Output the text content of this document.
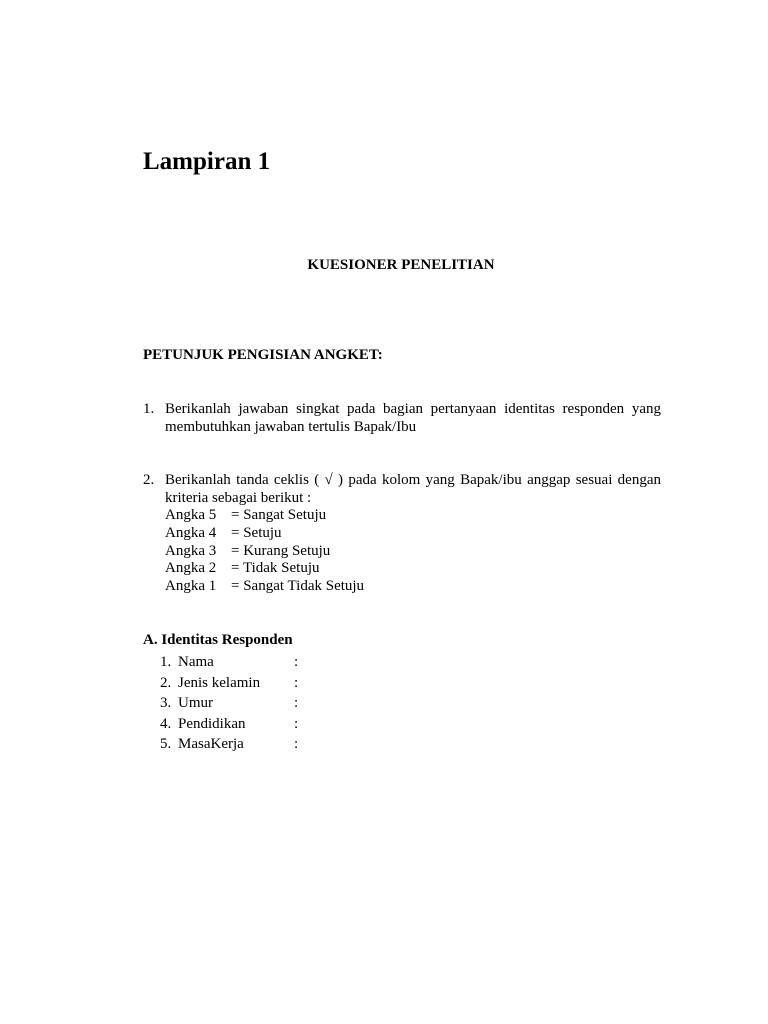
Lampiran 1
KUESIONER PENELITIAN
PETUNJUK PENGISIAN ANGKET:
1. Berikanlah jawaban singkat pada bagian pertanyaan identitas responden yang membutuhkan jawaban tertulis Bapak/Ibu
2. Berikanlah tanda ceklis ( √ ) pada kolom yang Bapak/ibu anggap sesuai dengan kriteria sebagai berikut :
Angka 5 = Sangat Setuju
Angka 4 = Setuju
Angka 3 = Kurang Setuju
Angka 2 = Tidak Setuju
Angka 1 = Sangat Tidak Setuju
A. Identitas Responden
1. Nama	:
2. Jenis kelamin	:
3. Umur	:
4. Pendidikan	:
5. MasaKerja	:
